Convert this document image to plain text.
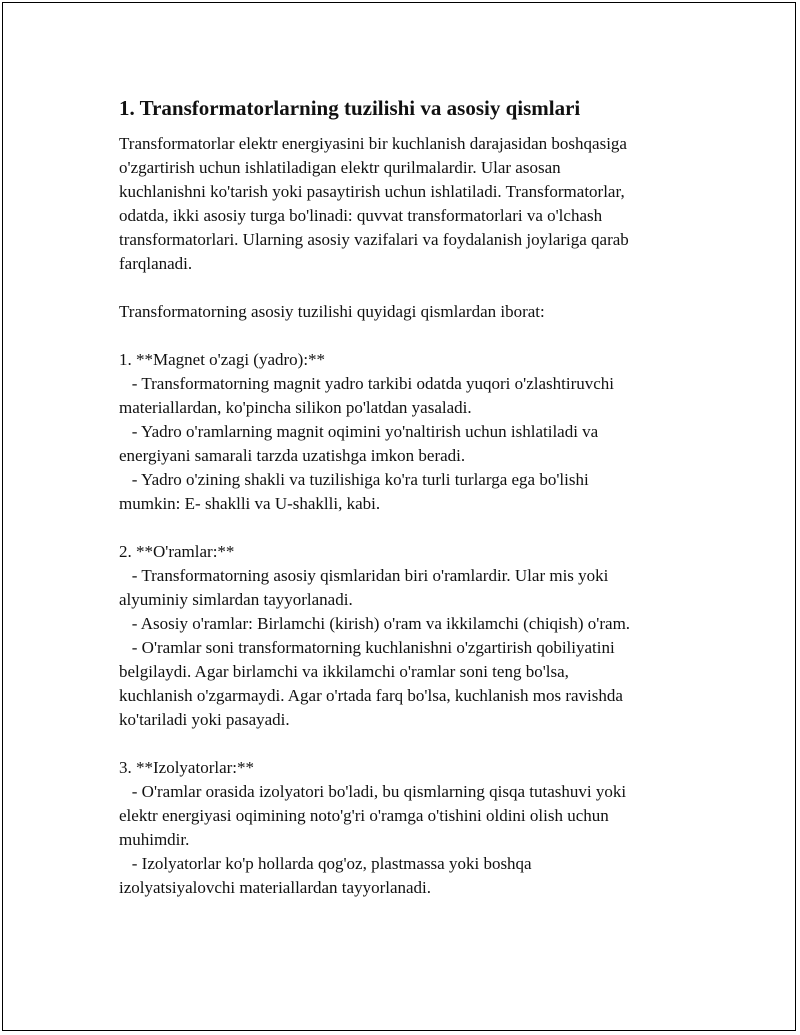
1. Transformatorlarning tuzilishi va asosiy qismlari
Transformatorlar elektr energiyasini bir kuchlanish darajasidan boshqasiga
o'zgartirish uchun ishlatiladigan elektr qurilmalardir. Ular asosan
kuchlanishni ko'tarish yoki pasaytirish uchun ishlatiladi. Transformatorlar,
odatda, ikki asosiy turga bo'linadi: quvvat transformatorlari va o'lchash
transformatorlari. Ularning asosiy vazifalari va foydalanish joylariga qarab
farqlanadi.
Transformatorning asosiy tuzilishi quyidagi qismlardan iborat:
1. **Magnet o'zagi (yadro):**
- Transformatorning magnit yadro tarkibi odatda yuqori o'zlashtiruvchi
materiallardan, ko'pincha silikon po'latdan yasaladi.
- Yadro o'ramlarning magnit oqimini yo'naltirish uchun ishlatiladi va
energiyani samarali tarzda uzatishga imkon beradi.
- Yadro o'zining shakli va tuzilishiga ko'ra turli turlarga ega bo'lishi
mumkin: E- shaklli va U-shaklli, kabi.
2. **O'ramlar:**
- Transformatorning asosiy qismlaridan biri o'ramlardir. Ular mis yoki
alyuminiy simlardan tayyorlanadi.
- Asosiy o'ramlar: Birlamchi (kirish) o'ram va ikkilamchi (chiqish) o'ram.
- O'ramlar soni transformatorning kuchlanishni o'zgartirish qobiliyatini
belgilaydi. Agar birlamchi va ikkilamchi o'ramlar soni teng bo'lsa,
kuchlanish o'zgarmaydi. Agar o'rtada farq bo'lsa, kuchlanish mos ravishda
ko'tariladi yoki pasayadi.
3. **Izolyatorlar:**
- O'ramlar orasida izolyatori bo'ladi, bu qismlarning qisqa tutashuvi yoki
elektr energiyasi oqimining noto'g'ri o'ramga o'tishini oldini olish uchun
muhimdir.
- Izolyatorlar ko'p hollarda qog'oz, plastmassa yoki boshqa
izolyatsiyalovchi materiallardan tayyorlanadi.
